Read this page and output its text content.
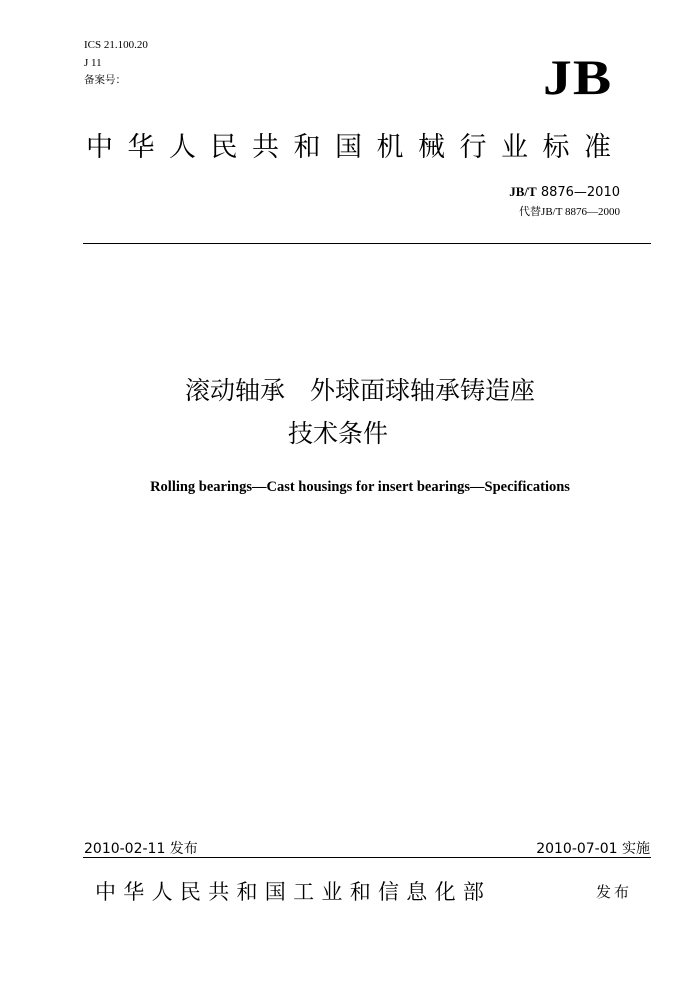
ICS 21.100.20
J 11
备案号：	JB
中华人民共和国机械行业标准
JB/T 8876—2010
代替JB/T 8876—2000
滚动轴承　外球面球轴承铸造座
技术条件
Rolling bearings—Cast housings for insert bearings—Specifications
2010-02-11 发布	2010-07-01 实施
中华人民共和国工业和信息化部	发布
